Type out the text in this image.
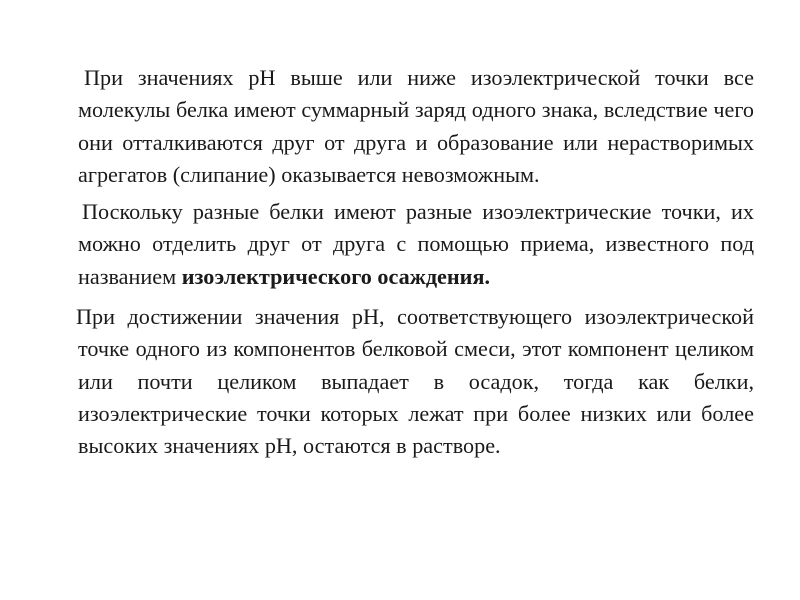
При значениях pH выше или ниже изоэлектрической точки все молекулы белка имеют суммарный заряд одного знака, вследствие чего они отталкиваются друг от друга и образование или нерастворимых агрегатов (слипание) оказывается невозможным.

Поскольку разные белки имеют разные изоэлектрические точки, их можно отделить друг от друга с помощью приема, известного под названием изоэлектрического осаждения.

При достижении значения pH, соответствующего изоэлектрической точке одного из компонентов белковой смеси, этот компонент целиком или почти целиком выпадает в осадок, тогда как белки, изоэлектрические точки которых лежат при более низких или более высоких значениях pH, остаются в растворе.
